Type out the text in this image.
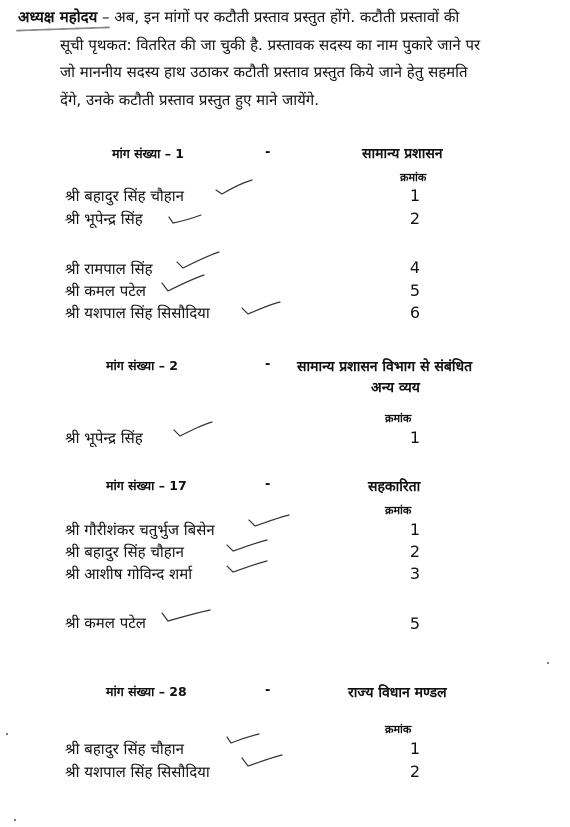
अध्यक्ष महोदय – अब, इन मांगों पर कटौती प्रस्ताव प्रस्तुत होंगे. कटौती प्रस्तावों की
सूची पृथकत: वितरित की जा चुकी है. प्रस्तावक सदस्य का नाम पुकारे जाने पर
जो माननीय सदस्य हाथ उठाकर कटौती प्रस्ताव प्रस्तुत किये जाने हेतु सहमति
देंगे, उनके कटौती प्रस्ताव प्रस्तुत हुए माने जायेंगे.
मांग संख्या – 1	-	सामान्य प्रशासन
क्रमांक
श्री बहादुर सिंह चौहान	1
श्री भूपेन्द्र सिंह	2
श्री रामपाल सिंह	4
श्री कमल पटेल	5
श्री यशपाल सिंह सिसौदिया	6
मांग संख्या – 2	- सामान्य प्रशासन विभाग से संबंधित
अन्य व्यय
क्रमांक
श्री भूपेन्द्र सिंह	1
मांग संख्या – 17	-	सहकारिता
क्रमांक
श्री गौरीशंकर चतुर्भुज बिसेन	1
श्री बहादुर सिंह चौहान	2
श्री आशीष गोविन्द शर्मा	3
श्री कमल पटेल	5
मांग संख्या – 28	-	राज्य विधान मण्डल
क्रमांक
श्री बहादुर सिंह चौहान	1
श्री यशपाल सिंह सिसौदिया	2
